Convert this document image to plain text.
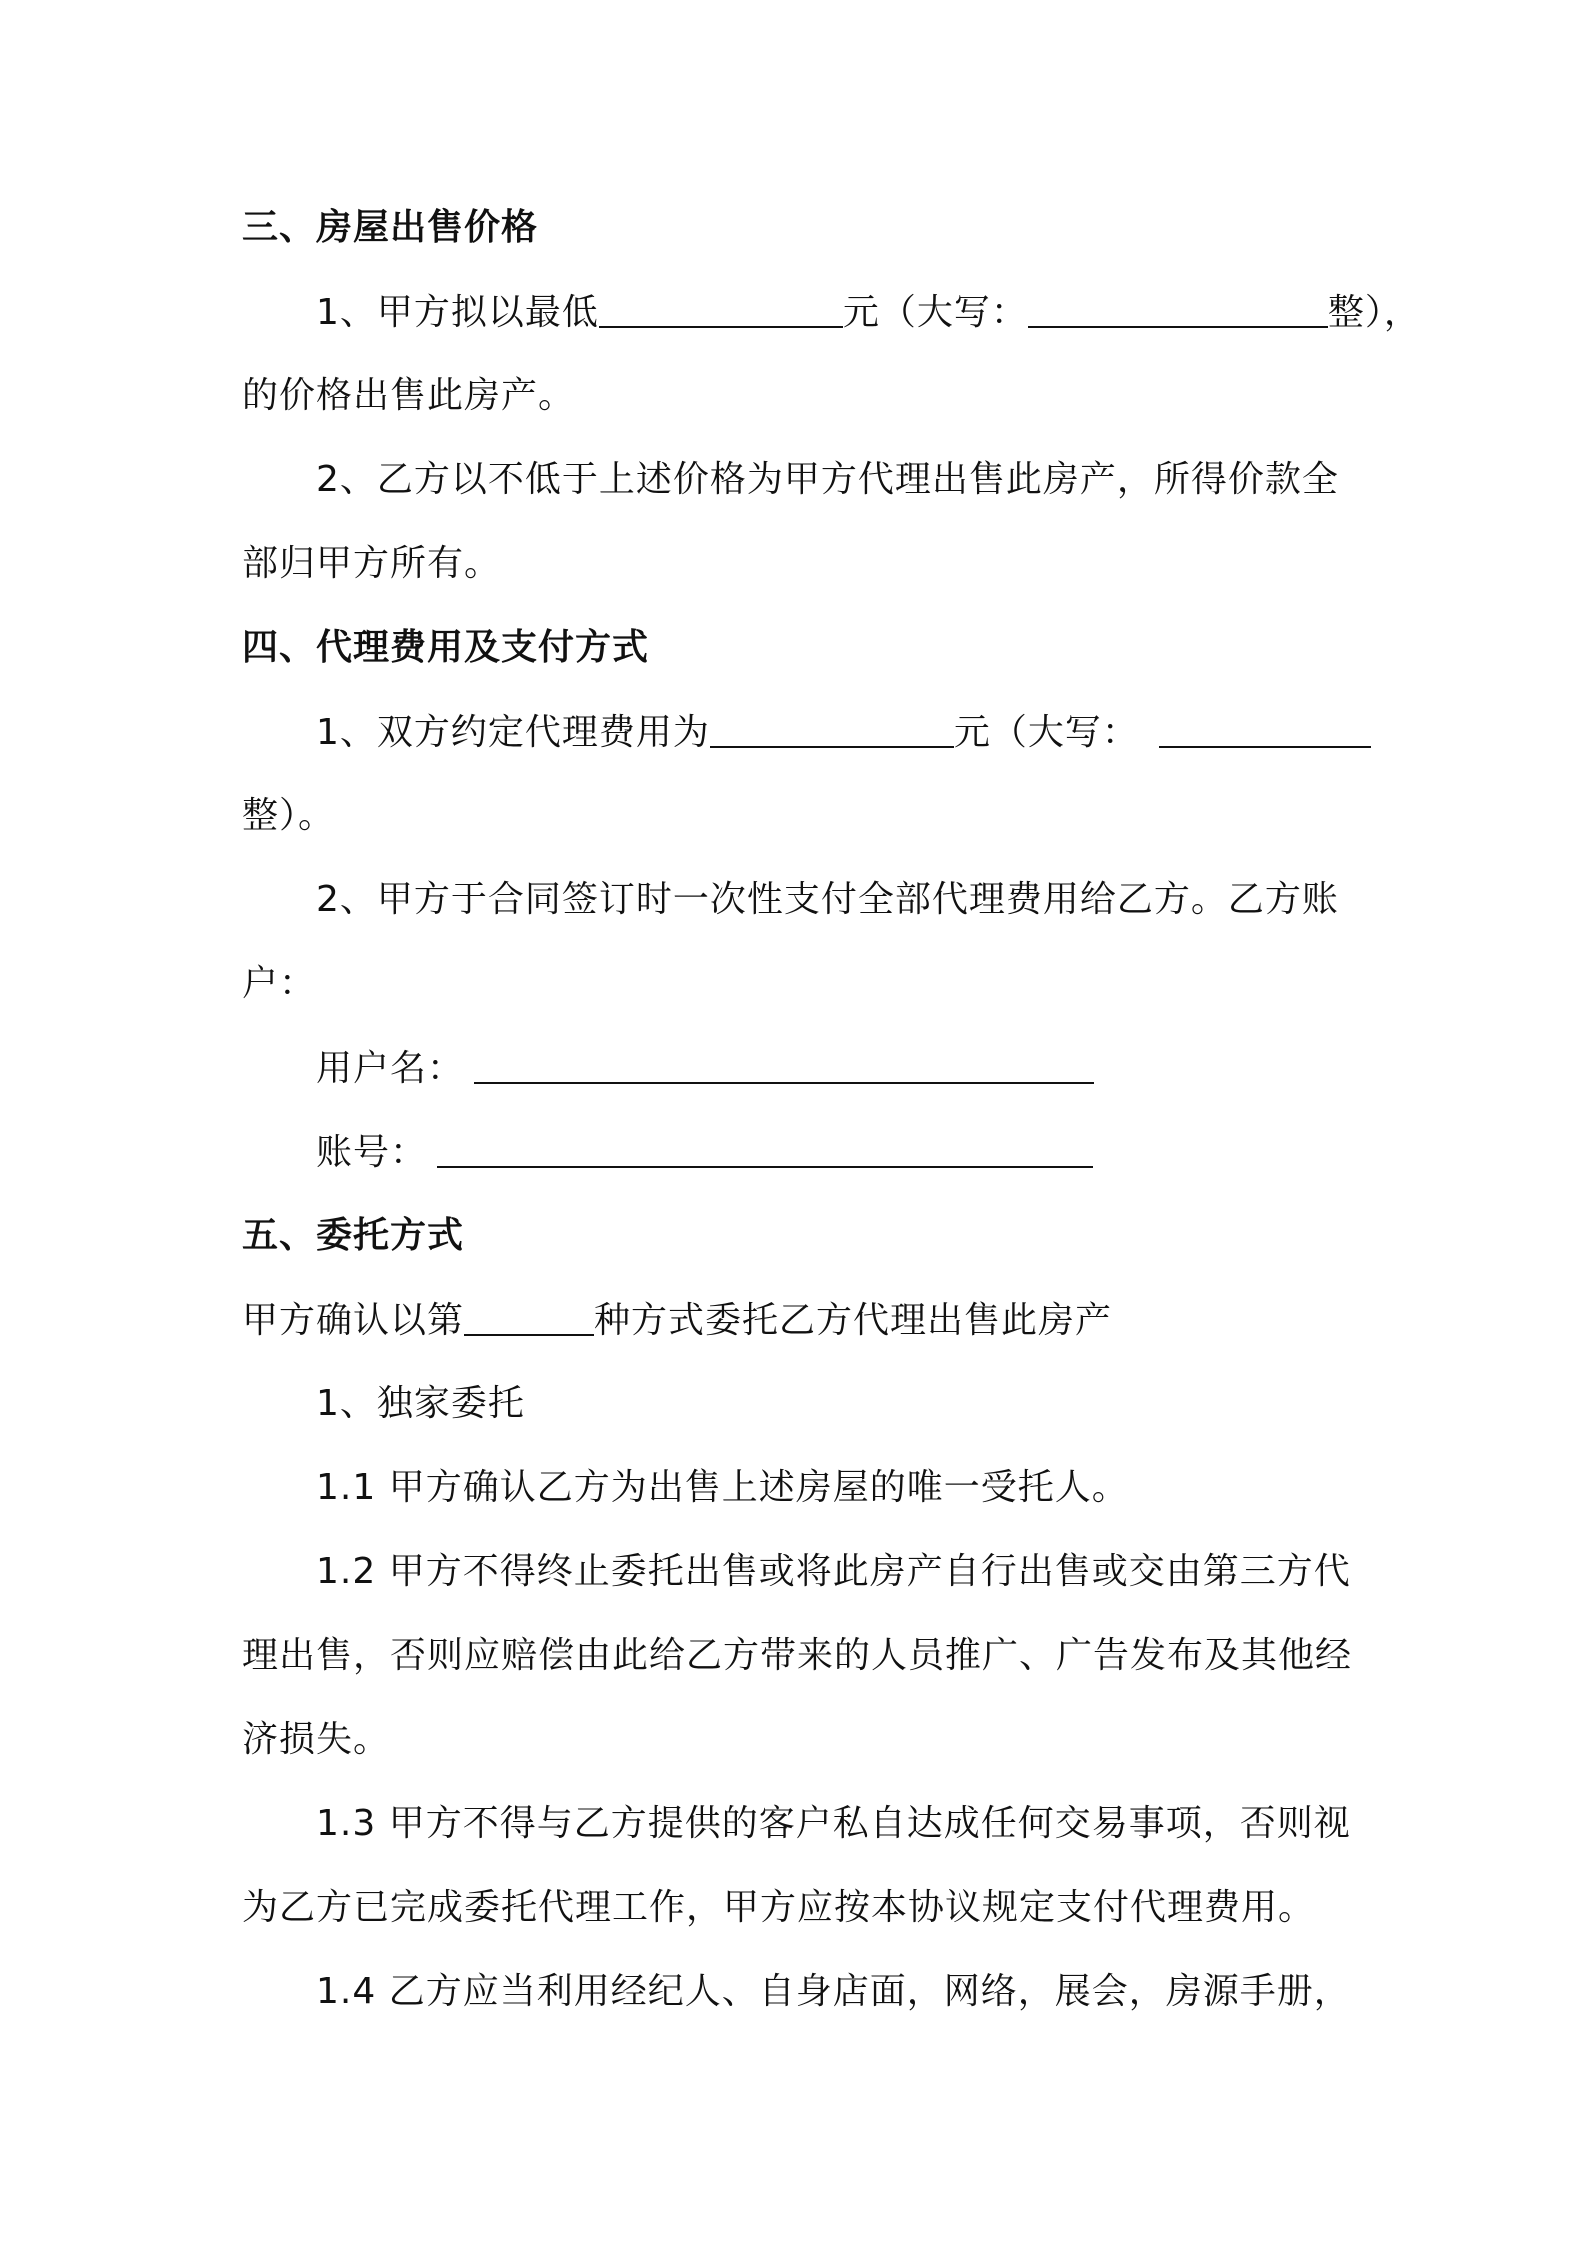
三、房屋出售价格
1、甲方拟以最低	元（大写：	整），
的价格出售此房产。
2、乙方以不低于上述价格为甲方代理出售此房产，所得价款全
部归甲方所有。
四、代理费用及支付方式
1、双方约定代理费用为	元（大写：
整）。
2、甲方于合同签订时一次性支付全部代理费用给乙方。乙方账
户：
用户名：
账号：
五、委托方式
甲方确认以第	种方式委托乙方代理出售此房产
1、独家委托
1.1 甲方确认乙方为出售上述房屋的唯一受托人。
1.2 甲方不得终止委托出售或将此房产自行出售或交由第三方代
理出售，否则应赔偿由此给乙方带来的人员推广、广告发布及其他经
济损失。
1.3 甲方不得与乙方提供的客户私自达成任何交易事项，否则视
为乙方已完成委托代理工作，甲方应按本协议规定支付代理费用。
1.4 乙方应当利用经纪人、自身店面，网络，展会，房源手册，
